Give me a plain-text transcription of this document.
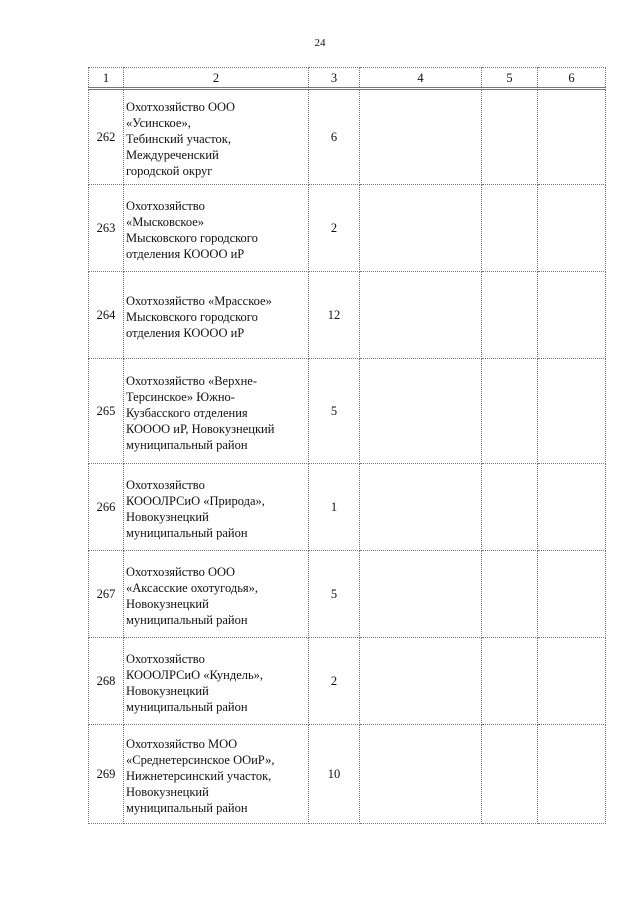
24
1	2	3	4	5	6
262	Охотхозяйство ООО
«Усинское»,
Тебинский участок,
Междуреченский
городской округ	6			
263	Охотхозяйство
«Мысковское»
Мысковского городского
отделения КОООО иР	2			
264	Охотхозяйство «Мрасское»
Мысковского городского
отделения КОООО иР	12			
265	Охотхозяйство «Верхне-
Терсинское» Южно-
Кузбасского отделения
КОООО иР, Новокузнецкий
муниципальный район	5			
266	Охотхозяйство
КОООЛРСиО «Природа»,
Новокузнецкий
муниципальный район	1			
267	Охотхозяйство ООО
«Аксасские охотугодья»,
Новокузнецкий
муниципальный район	5			
268	Охотхозяйство
КОООЛРСиО «Кундель»,
Новокузнецкий
муниципальный район	2			
269	Охотхозяйство МОО
«Среднетерсинское ООиР»,
Нижнетерсинский участок,
Новокузнецкий
муниципальный район	10			
